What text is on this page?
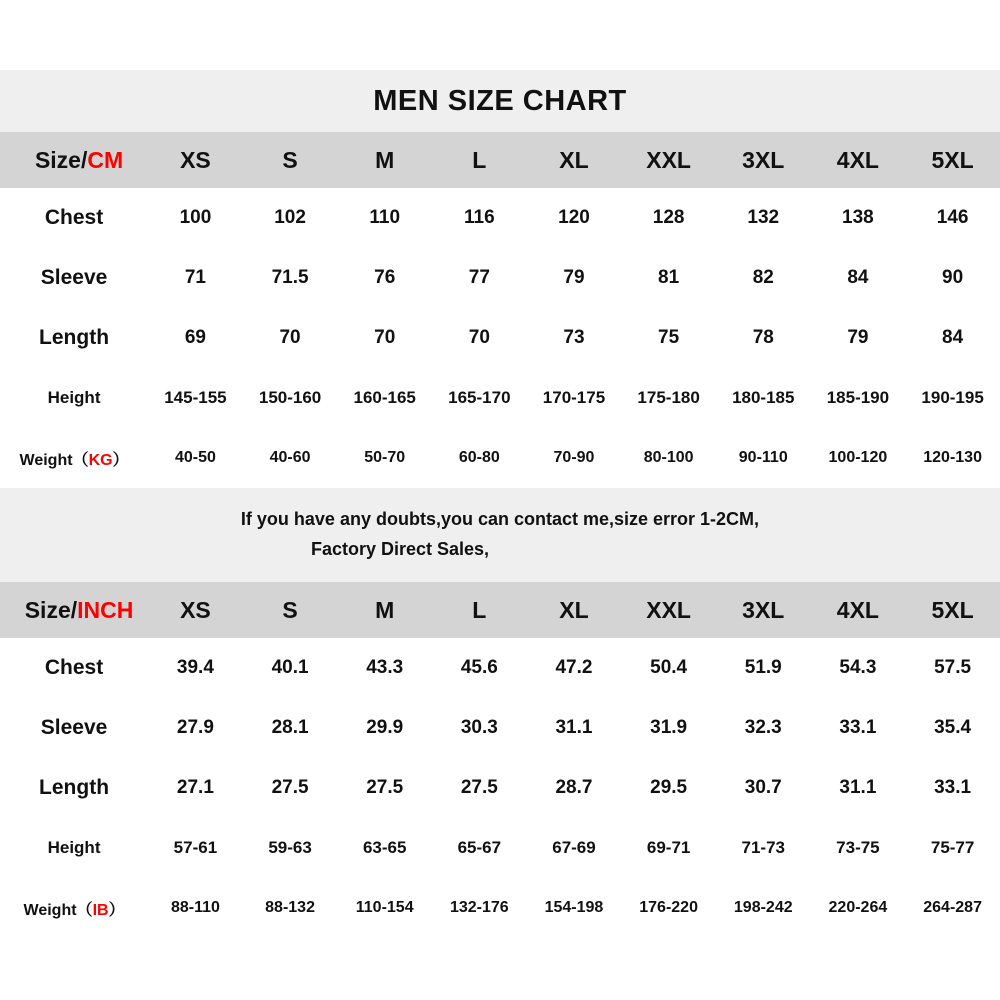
MEN SIZE CHART
Size/CM	XS	S	M	L	XL	XXL	3XL	4XL	5XL
Chest	100	102	110	116	120	128	132	138	146
Sleeve	71	71.5	76	77	79	81	82	84	90
Length	69	70	70	70	73	75	78	79	84
Height	145-155	150-160	160-165	165-170	170-175	175-180	180-185	185-190	190-195
Weight（KG）	40-50	40-60	50-70	60-80	70-90	80-100	90-110	100-120	120-130
If you have any doubts,you can contact me,size error 1-2CM,
Factory Direct Sales,
Size/INCH	XS	S	M	L	XL	XXL	3XL	4XL	5XL
Chest	39.4	40.1	43.3	45.6	47.2	50.4	51.9	54.3	57.5
Sleeve	27.9	28.1	29.9	30.3	31.1	31.9	32.3	33.1	35.4
Length	27.1	27.5	27.5	27.5	28.7	29.5	30.7	31.1	33.1
Height	57-61	59-63	63-65	65-67	67-69	69-71	71-73	73-75	75-77
Weight（IB）	88-110	88-132	110-154	132-176	154-198	176-220	198-242	220-264	264-287
